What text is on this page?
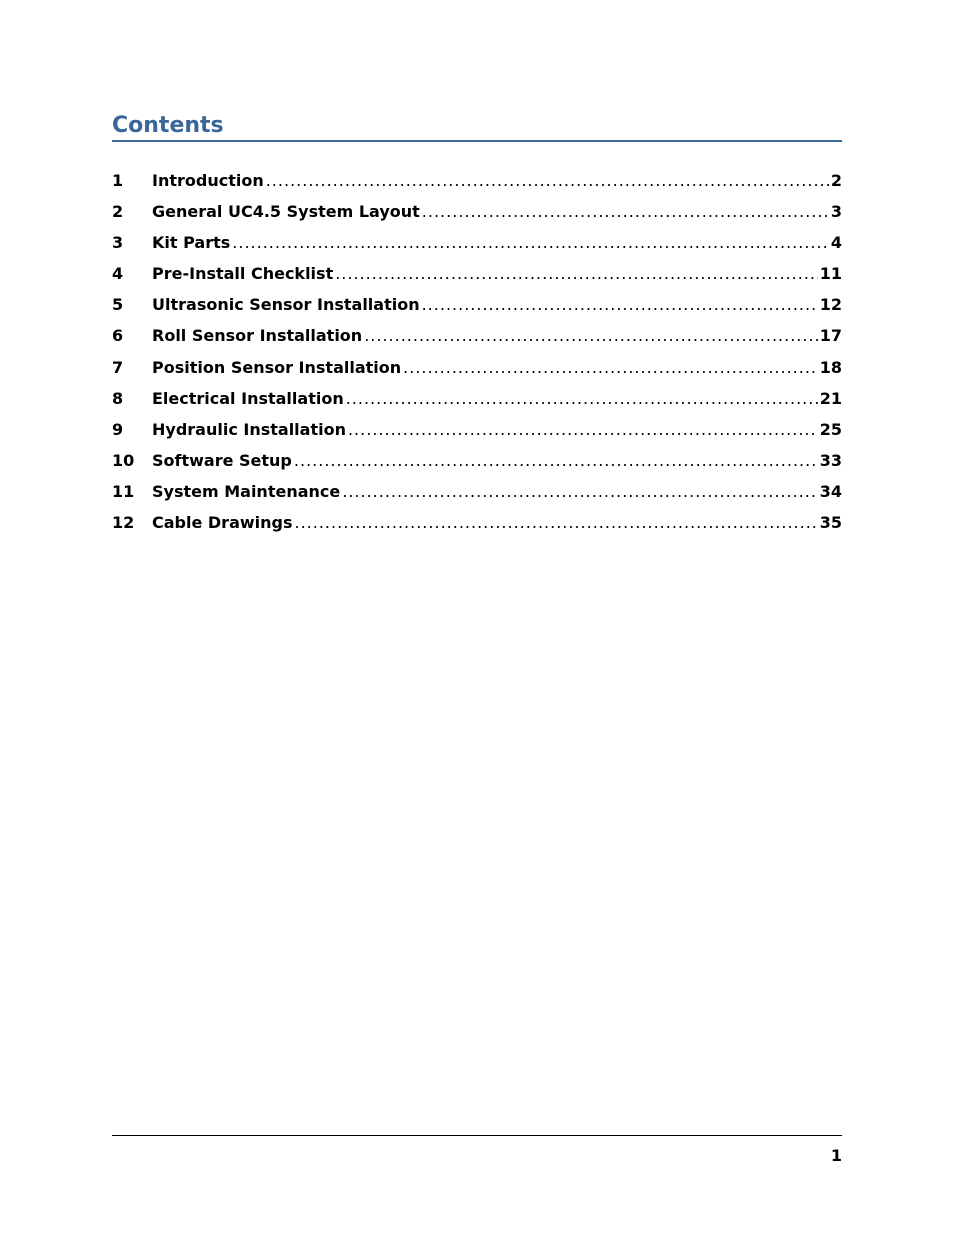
Contents
1	Introduction .....	2
2	General UC4.5 System Layout .....	3
3	Kit Parts .....	4
4	Pre-Install Checklist .....	11
5	Ultrasonic Sensor Installation .....	12
6	Roll Sensor Installation .....	17
7	Position Sensor Installation .....	18
8	Electrical Installation .....	21
9	Hydraulic Installation .....	25
10	Software Setup .....	33
11	System Maintenance .....	34
12	Cable Drawings .....	35
1
